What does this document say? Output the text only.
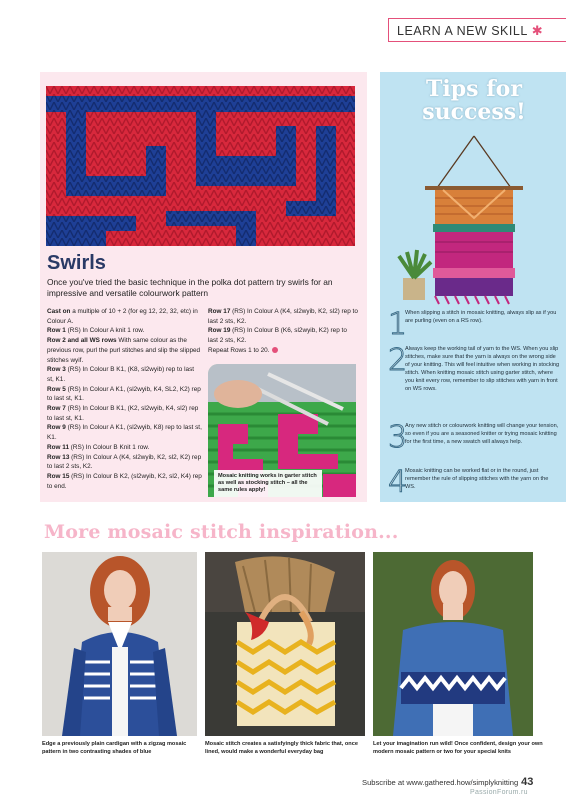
LEARN A NEW SKILL ✱
Swirls
Once you've tried the basic technique in the polka dot pattern try swirls for an impressive and versatile colourwork pattern
Cast on a multiple of 10 + 2 (for eg 12, 22, 32, etc) in Colour A.
Row 1 (RS) In Colour A knit 1 row.
Row 2 and all WS rows With same colour as the previous row, purl the purl stitches and slip the slipped stitches wyif.
Row 3 (RS) In Colour B K1, (K8, sl2wyib) rep to last st, K1.
Row 5 (RS) In Colour A K1, (sl2wyib, K4, SL2, K2) rep to last st, K1.
Row 7 (RS) In Colour B K1, (K2, sl2wyib, K4, sl2) rep to last st, K1.
Row 9 (RS) In Colour A K1, (sl2wyib, K8) rep to last st, K1.
Row 11 (RS) In Colour B Knit 1 row.
Row 13 (RS) In Colour A (K4, sl2wyib, K2, sl2, K2) rep to last 2 sts, K2.
Row 15 (RS) In Colour B K2, (sl2wyib, K2, sl2, K4) rep to end.
Row 17 (RS) In Colour A (K4, sl2wyib, K2, sl2) rep to last 2 sts, K2.
Row 19 (RS) In Colour B (K6, sl2wyib, K2) rep to last 2 sts, K2.
Repeat Rows 1 to 20.
Mosaic knitting works in garter stitch as well as stocking stitch – all the same rules apply!
Tips for
success!
1
When slipping a stitch in mosaic knitting, always slip as if you are purling (even on a RS row).
2
Always keep the working tail of yarn to the WS. When you slip stitches, make sure that the yarn is always on the wrong side of your knitting. This will feel intuitive when working in stocking stitch. When knitting mosaic stitch using garter stitch, where you knit every row, remember to slip stitches with yarn in front on WS rows.
3
Any new stitch or colourwork knitting will change your tension, so even if you are a seasoned knitter or trying mosaic knitting for the first time, a new swatch will always help.
4
Mosaic knitting can be worked flat or in the round, just remember the rule of slipping stitches with the yarn on the WS.
More mosaic stitch inspiration...
Edge a previously plain cardigan with a zigzag mosaic pattern in two contrasting shades of blue
Mosaic stitch creates a satisfyingly thick fabric that, once lined, would make a wonderful everyday bag
Let your imagination run wild! Once confident, design your own modern mosaic pattern or two for your special knits
Subscribe at www.gathered.how/simplyknitting 43
PassionForum.ru
